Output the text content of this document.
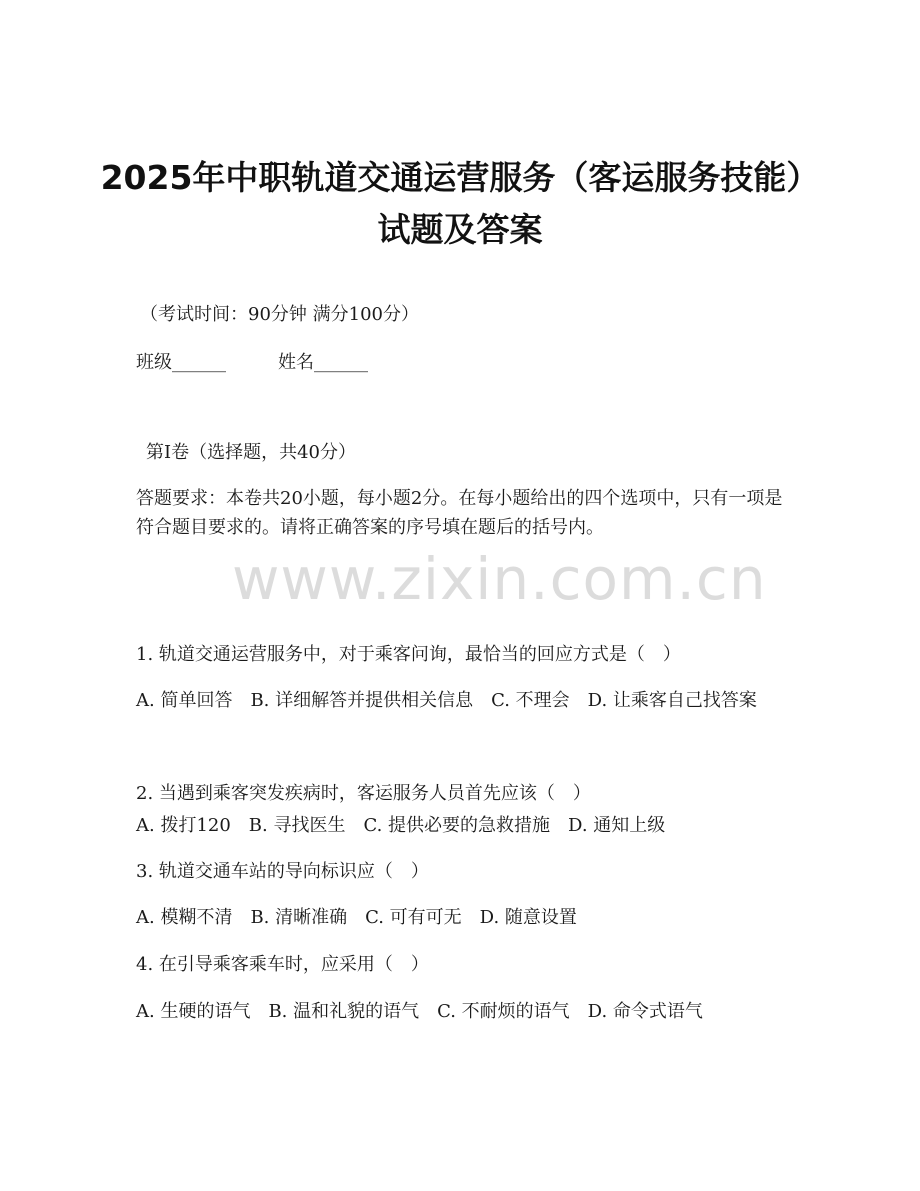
2025年中职轨道交通运营服务（客运服务技能）试题及答案

（考试时间：90分钟 满分100分）

班级______	姓名______

第I卷（选择题，共40分）

答题要求：本卷共20小题，每小题2分。在每小题给出的四个选项中，只有一项是符合题目要求的。请将正确答案的序号填在题后的括号内。

www.zixin.com.cn

1. 轨道交通运营服务中，对于乘客问询，最恰当的回应方式是（　）

A. 简单回答　B. 详细解答并提供相关信息　C. 不理会　D. 让乘客自己找答案

2. 当遇到乘客突发疾病时，客运服务人员首先应该（　）

A. 拨打120　B. 寻找医生　C. 提供必要的急救措施　D. 通知上级

3. 轨道交通车站的导向标识应（　）

A. 模糊不清　B. 清晰准确　C. 可有可无　D. 随意设置

4. 在引导乘客乘车时，应采用（　）

A. 生硬的语气　B. 温和礼貌的语气　C. 不耐烦的语气　D. 命令式语气
